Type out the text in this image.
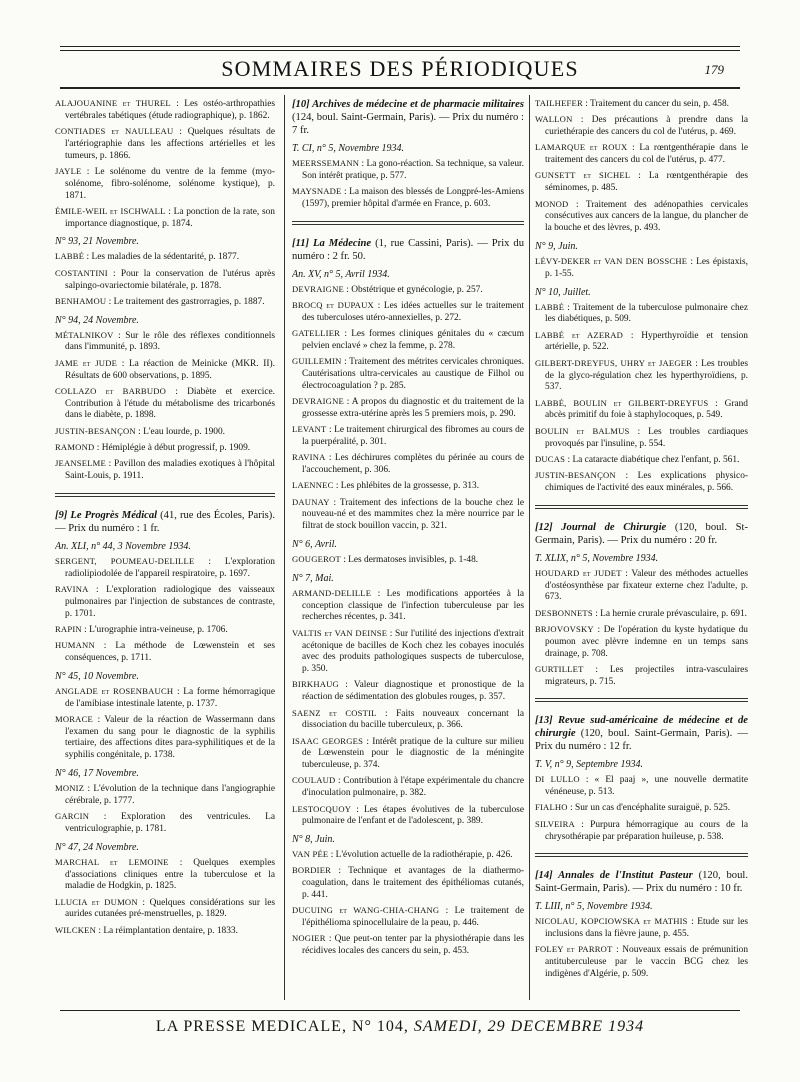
SOMMAIRES DES PÉRIODIQUES	179

ALAJOUANINE et THUREL : Les ostéo-arthropathies vertébrales tabétiques (étude radiographique), p. 1862.

CONTIADES et NAULLEAU : Quelques résultats de l'artériographie dans les affections artérielles et les tumeurs, p. 1866.

JAYLE : Le solénome du ventre de la femme (myo-solénome, fibro-solénome, solénome kystique), p. 1871.

ÉMILE-WEIL et ISCHWALL : La ponction de la rate, son importance diagnostique, p. 1874.

N° 93, 21 Novembre.

LABBÉ : Les maladies de la sédentarité, p. 1877.

COSTANTINI : Pour la conservation de l'utérus après salpingo-ovariectomie bilatérale, p. 1878.

BENHAMOU : Le traitement des gastrorragies, p. 1887.

N° 94, 24 Novembre.

MÉTALNIKOV : Sur le rôle des réflexes conditionnels dans l'immunité, p. 1893.

JAME et JUDE : La réaction de Meinicke (MKR. II). Résultats de 600 observations, p. 1895.

COLLAZO et BARBUDO : Diabète et exercice. Contribution à l'étude du métabolisme des tricarbonés dans le diabète, p. 1898.

JUSTIN-BESANÇON : L'eau lourde, p. 1900.

RAMOND : Hémiplégie à début progressif, p. 1909.

JEANSELME : Pavillon des maladies exotiques à l'hôpital Saint-Louis, p. 1911.

[9] Le Progrès Médical (41, rue des Écoles, Paris). — Prix du numéro : 1 fr.

An. XLI, n° 44, 3 Novembre 1934.

SERGENT, POUMEAU-DELILLE : L'exploration radiolipiodolée de l'appareil respiratoire, p. 1697.

RAVINA : L'exploration radiologique des vaisseaux pulmonaires par l'injection de substances de contraste, p. 1701.

RAPIN : L'urographie intra-veineuse, p. 1706.

HUMANN : La méthode de Lœwenstein et ses conséquences, p. 1711.

N° 45, 10 Novembre.

ANGLADE et ROSENBAUCH : La forme hémorragique de l'amibiase intestinale latente, p. 1737.

MORACE : Valeur de la réaction de Wassermann dans l'examen du sang pour le diagnostic de la syphilis tertiaire, des affections dites para-syphilitiques et de la syphilis congénitale, p. 1738.

N° 46, 17 Novembre.

MONIZ : L'évolution de la technique dans l'angiographie cérébrale, p. 1777.

GARCIN : Exploration des ventricules. La ventriculographie, p. 1781.

N° 47, 24 Novembre.

MARCHAL et LEMOINE : Quelques exemples d'associations cliniques entre la tuberculose et la maladie de Hodgkin, p. 1825.

LLUCIA et DUMON : Quelques considérations sur les aurides cutanées pré-menstruelles, p. 1829.

WILCKEN : La réimplantation dentaire, p. 1833.

[10] Archives de médecine et de pharmacie militaires (124, boul. Saint-Germain, Paris). — Prix du numéro : 7 fr.

T. CI, n° 5, Novembre 1934.

MEERSSEMANN : La gono-réaction. Sa technique, sa valeur. Son intérêt pratique, p. 577.

MAYSNADE : La maison des blessés de Longpré-les-Amiens (1597), premier hôpital d'armée en France, p. 603.

[11] La Médecine (1, rue Cassini, Paris). — Prix du numéro : 2 fr. 50.

An. XV, n° 5, Avril 1934.

DEVRAIGNE : Obstétrique et gynécologie, p. 257.

BROCQ et DUPAUX : Les idées actuelles sur le traitement des tuberculoses utéro-annexielles, p. 272.

GATELLIER : Les formes cliniques génitales du « cæcum pelvien enclavé » chez la femme, p. 278.

GUILLEMIN : Traitement des métrites cervicales chroniques. Cautérisations ultra-cervicales au caustique de Filhol ou électrocoagulation ? p. 285.

DEVRAIGNE : A propos du diagnostic et du traitement de la grossesse extra-utérine après les 5 premiers mois, p. 290.

LEVANT : Le traitement chirurgical des fibromes au cours de la puerpéralité, p. 301.

RAVINA : Les déchirures complètes du périnée au cours de l'accouchement, p. 306.

LAENNEC : Les phlébites de la grossesse, p. 313.

DAUNAY : Traitement des infections de la bouche chez le nouveau-né et des mammites chez la mère nourrice par le filtrat de stock bouillon vaccin, p. 321.

N° 6, Avril.

GOUGEROT : Les dermatoses invisibles, p. 1-48.

N° 7, Mai.

ARMAND-DELILLE : Les modifications apportées à la conception classique de l'infection tuberculeuse par les recherches récentes, p. 341.

VALTIS et VAN DEINSE : Sur l'utilité des injections d'extrait acétonique de bacilles de Koch chez les cobayes inoculés avec des produits pathologiques suspects de tuberculose, p. 350.

BIRKHAUG : Valeur diagnostique et pronostique de la réaction de sédimentation des globules rouges, p. 357.

SAENZ et COSTIL : Faits nouveaux concernant la dissociation du bacille tuberculeux, p. 366.

ISAAC GEORGES : Intérêt pratique de la culture sur milieu de Lœwenstein pour le diagnostic de la méningite tuberculeuse, p. 374.

COULAUD : Contribution à l'étape expérimentale du chancre d'inoculation pulmonaire, p. 382.

LESTOCQUOY : Les étapes évolutives de la tuberculose pulmonaire de l'enfant et de l'adolescent, p. 389.

N° 8, Juin.

VAN PÉE : L'évolution actuelle de la radiothérapie, p. 426.

BORDIER : Technique et avantages de la diathermo-coagulation, dans le traitement des épithéliomas cutanés, p. 441.

DUCUING et WANG-CHIA-CHANG : Le traitement de l'épithélioma spinocellulaire de la peau, p. 446.

NOGIER : Que peut-on tenter par la physiothérapie dans les récidives locales des cancers du sein, p. 453.

TAILHEFER : Traitement du cancer du sein, p. 458.

WALLON : Des précautions à prendre dans la curiethérapie des cancers du col de l'utérus, p. 469.

LAMARQUE et ROUX : La rœntgenthérapie dans le traitement des cancers du col de l'utérus, p. 477.

GUNSETT et SICHEL : La rœntgenthérapie des séminomes, p. 485.

MONOD : Traitement des adénopathies cervicales consécutives aux cancers de la langue, du plancher de la bouche et des lèvres, p. 493.

N° 9, Juin.

LÉVY-DEKER et VAN DEN BOSSCHE : Les épistaxis, p. 1-55.

N° 10, Juillet.

LABBÉ : Traitement de la tuberculose pulmonaire chez les diabétiques, p. 509.

LABBÉ et AZERAD : Hyperthyroïdie et tension artérielle, p. 522.

GILBERT-DREYFUS, UHRY et JAEGER : Les troubles de la glyco-régulation chez les hyperthyroïdiens, p. 537.

LABBÉ, BOULIN et GILBERT-DREYFUS : Grand abcès primitif du foie à staphylocoques, p. 549.

BOULIN et BALMUS : Les troubles cardiaques provoqués par l'insuline, p. 554.

DUCAS : La cataracte diabétique chez l'enfant, p. 561.

JUSTIN-BESANÇON : Les explications physico-chimiques de l'activité des eaux minérales, p. 566.

[12] Journal de Chirurgie (120, boul. St-Germain, Paris). — Prix du numéro : 20 fr.

T. XLIX, n° 5, Novembre 1934.

HOUDARD et JUDET : Valeur des méthodes actuelles d'ostéosynthèse par fixateur externe chez l'adulte, p. 673.

DESBONNETS : La hernie crurale prévasculaire, p. 691.

BRJOVOVSKY : De l'opération du kyste hydatique du poumon avec plèvre indemne en un temps sans drainage, p. 708.

GURTILLET : Les projectiles intra-vasculaires migrateurs, p. 715.

[13] Revue sud-américaine de médecine et de chirurgie (120, boul. Saint-Germain, Paris). — Prix du numéro : 12 fr.

T. V, n° 9, Septembre 1934.

DI LULLO : « El paaj », une nouvelle dermatite vénéneuse, p. 513.

FIALHO : Sur un cas d'encéphalite suraiguë, p. 525.

SILVEIRA : Purpura hémorragique au cours de la chrysothérapie par préparation huileuse, p. 538.

[14] Annales de l'Institut Pasteur (120, boul. Saint-Germain, Paris). — Prix du numéro : 10 fr.

T. LIII, n° 5, Novembre 1934.

NICOLAU, KOPCIOWSKA et MATHIS : Etude sur les inclusions dans la fièvre jaune, p. 455.

FOLEY et PARROT : Nouveaux essais de prémunition antituberculeuse par le vaccin BCG chez les indigènes d'Algérie, p. 509.

LA PRESSE MEDICALE, N° 104, SAMEDI, 29 DECEMBRE 1934
